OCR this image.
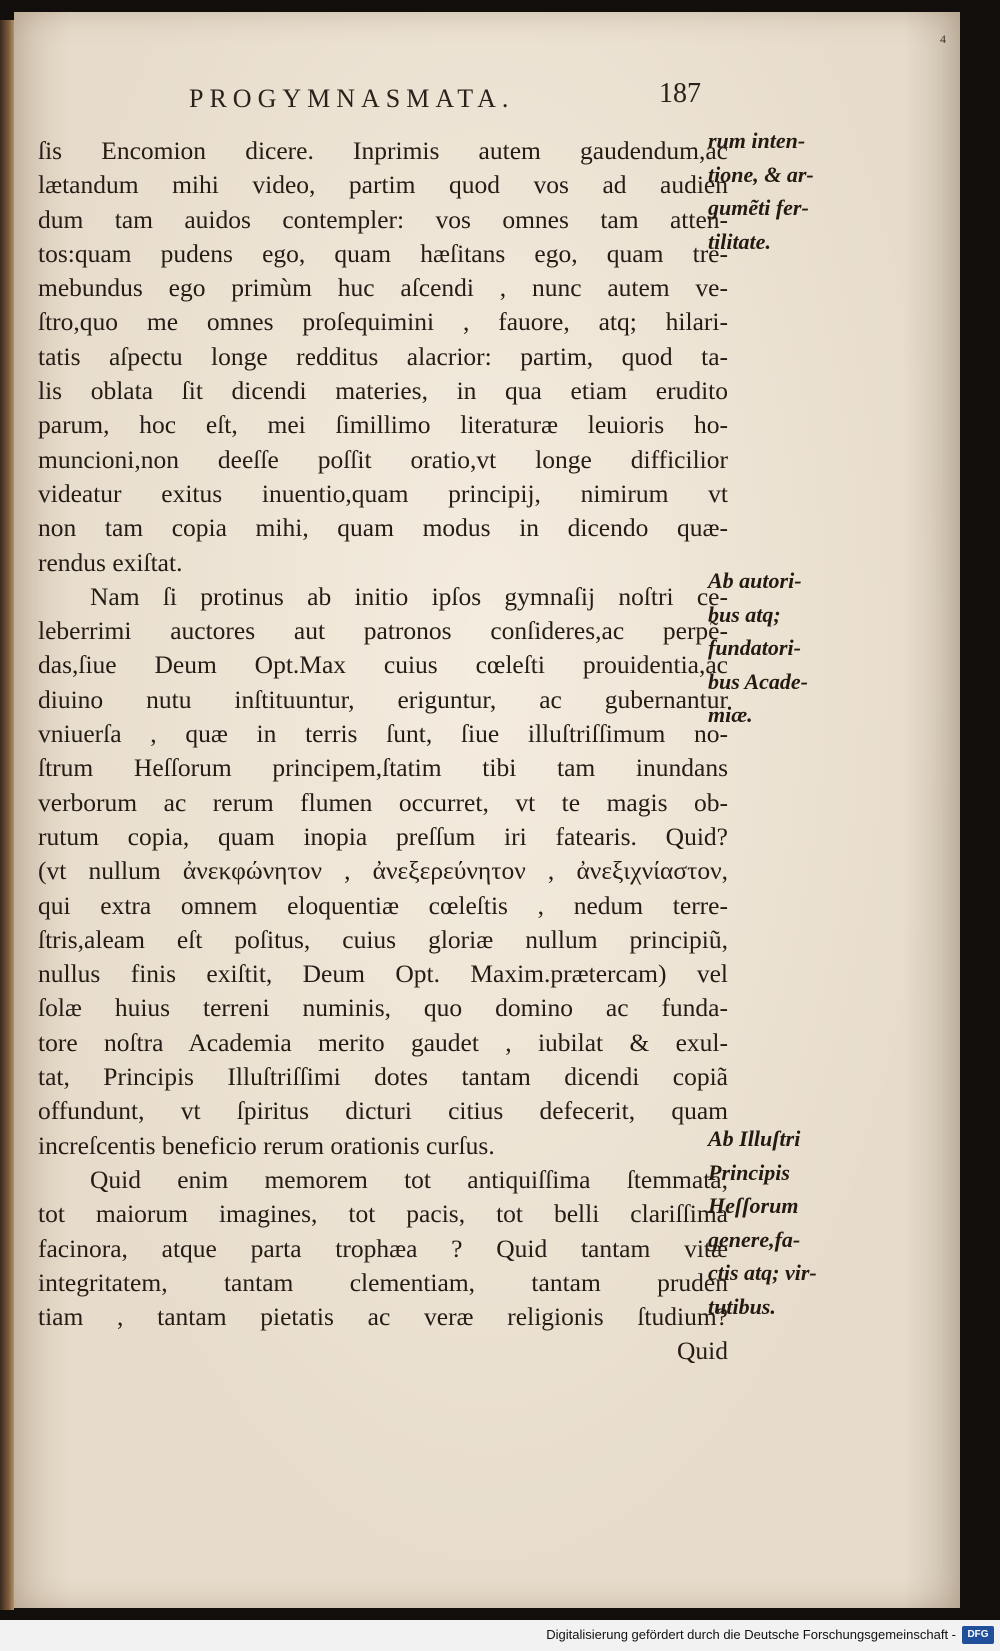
4
PROGYMNASMATA.	187
ſis Encomion dicere. Inprimis autem gaudendum,ac
lætandum mihi video, partim quod vos ad audien
dum tam auidos contempler: vos omnes tam atten-
tos:quam pudens ego, quam hæſitans ego, quam tre-
mebundus ego primùm huc aſcendi , nunc autem ve-
ſtro,quo me omnes proſequimini , fauore, atq; hilari-
tatis aſpectu longe redditus alacrior: partim, quod ta-
lis oblata ſit dicendi materies, in qua etiam erudito
parum, hoc eſt, mei ſimillimo literaturæ leuioris ho-
muncioni,non deeſſe poſſit oratio,vt longe difficilior
videatur exitus inuentio,quam principij, nimirum vt
non tam copia mihi, quam modus in dicendo quæ-
rendus exiſtat.
Nam ſi protinus ab initio ipſos gymnaſij noſtri ce-
leberrimi auctores aut patronos conſideres,ac perpẽ-
das,ſiue Deum Opt.Max cuius cœleſti prouidentia,ac
diuino nutu inſtituuntur, eriguntur, ac gubernantur
vniuerſa , quæ in terris ſunt, ſiue illuſtriſſimum no-
ſtrum Heſſorum principem,ſtatim tibi tam inundans
verborum ac rerum flumen occurret, vt te magis ob-
rutum copia, quam inopia preſſum iri fatearis. Quid?
(vt nullum ἀνεκφώνητον , ἀνεξερεύνητον , ἀνεξιχνίαστον,
qui extra omnem eloquentiæ cœleſtis , nedum terre-
ſtris,aleam eſt poſitus, cuius gloriæ nullum principiũ,
nullus finis exiſtit, Deum Opt. Maxim.prætercam) vel
ſolæ huius terreni numinis, quo domino ac funda-
tore noſtra Academia merito gaudet , iubilat & exul-
tat, Principis Illuſtriſſimi dotes tantam dicendi copiã
offundunt, vt ſpiritus dicturi citius defecerit, quam
increſcentis beneficio rerum orationis curſus.
Quid enim memorem tot antiquiſſima ſtemmata,
tot maiorum imagines, tot pacis, tot belli clariſſima
facinora, atque parta trophæa ? Quid tantam vitæ
integritatem, tantam clementiam, tantam pruden
tiam , tantam pietatis ac veræ religionis ſtudium?
Quid
rum inten-
tione, & ar-
gumẽti fer-
tilitate.
Ab autori-
bus atq;
fundatori-
bus Acade-
miæ.
Ab Illuſtri
Principis
Heſſorum
genere,fa-
ctis atq; vir-
tutibus.
Digitalisierung gefördert durch die Deutsche Forschungsgemeinschaft -	DFG
